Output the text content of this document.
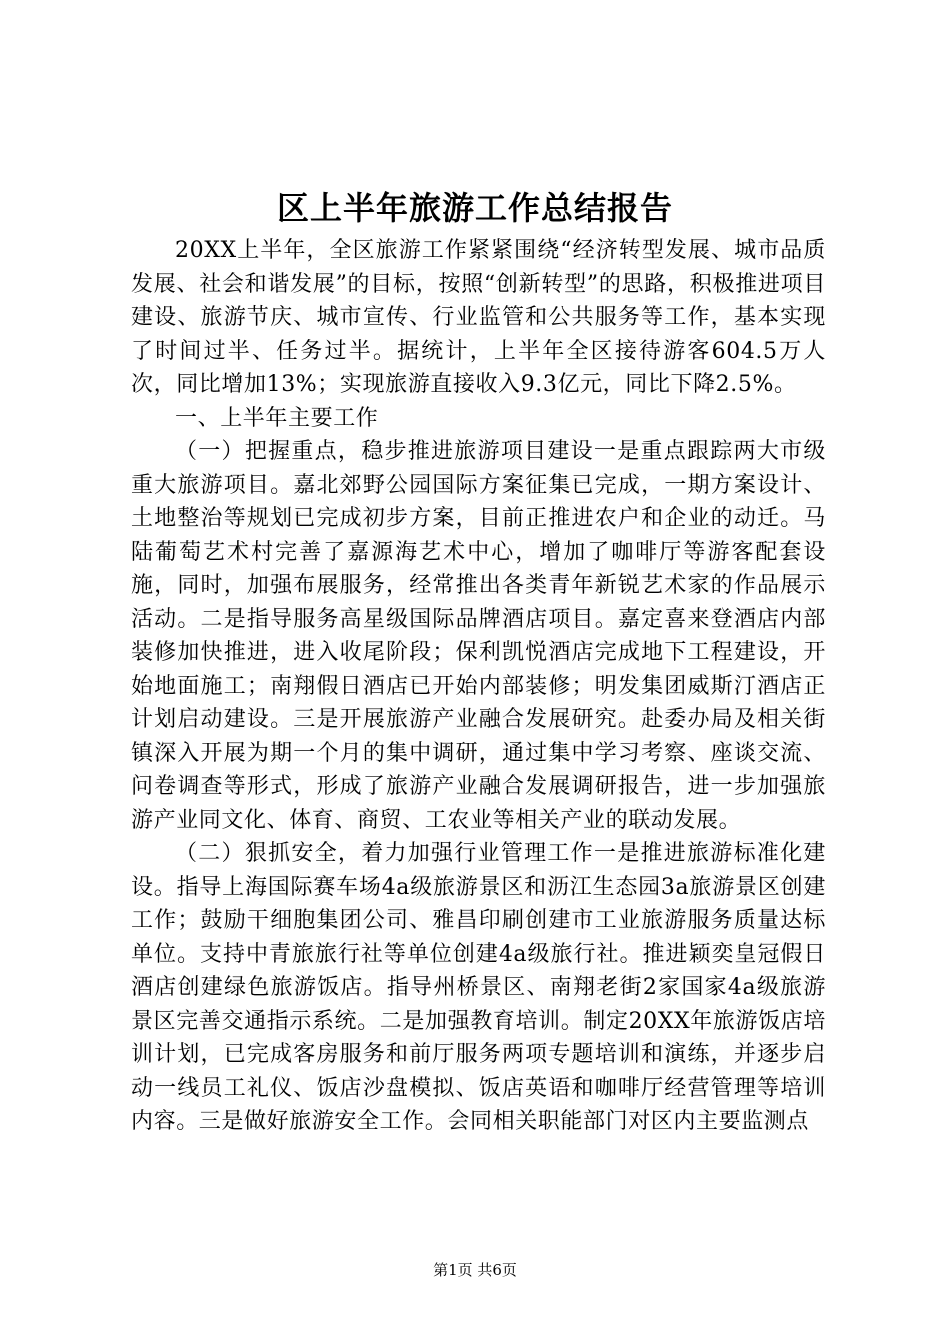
区上半年旅游工作总结报告

20XX上半年，全区旅游工作紧紧围绕“经济转型发展、城市品质发展、社会和谐发展”的目标，按照“创新转型”的思路，积极推进项目建设、旅游节庆、城市宣传、行业监管和公共服务等工作，基本实现了时间过半、任务过半。据统计，上半年全区接待游客604.5万人次，同比增加13%；实现旅游直接收入9.3亿元，同比下降2.5%。

一、上半年主要工作

（一）把握重点，稳步推进旅游项目建设一是重点跟踪两大市级重大旅游项目。嘉北郊野公园国际方案征集已完成，一期方案设计、土地整治等规划已完成初步方案，目前正推进农户和企业的动迁。马陆葡萄艺术村完善了嘉源海艺术中心，增加了咖啡厅等游客配套设施，同时，加强布展服务，经常推出各类青年新锐艺术家的作品展示活动。二是指导服务高星级国际品牌酒店项目。嘉定喜来登酒店内部装修加快推进，进入收尾阶段；保利凯悦酒店完成地下工程建设，开始地面施工；南翔假日酒店已开始内部装修；明发集团威斯汀酒店正计划启动建设。三是开展旅游产业融合发展研究。赴委办局及相关街镇深入开展为期一个月的集中调研，通过集中学习考察、座谈交流、问卷调查等形式，形成了旅游产业融合发展调研报告，进一步加强旅游产业同文化、体育、商贸、工农业等相关产业的联动发展。

（二）狠抓安全，着力加强行业管理工作一是推进旅游标准化建设。指导上海国际赛车场4a级旅游景区和沥江生态园3a旅游景区创建工作；鼓励干细胞集团公司、雅昌印刷创建市工业旅游服务质量达标单位。支持中青旅旅行社等单位创建4a级旅行社。推进颖奕皇冠假日酒店创建绿色旅游饭店。指导州桥景区、南翔老街2家国家4a级旅游景区完善交通指示系统。二是加强教育培训。制定20XX年旅游饭店培训计划，已完成客房服务和前厅服务两项专题培训和演练，并逐步启动一线员工礼仪、饭店沙盘模拟、饭店英语和咖啡厅经营管理等培训内容。三是做好旅游安全工作。会同相关职能部门对区内主要监测点

第1页 共6页
